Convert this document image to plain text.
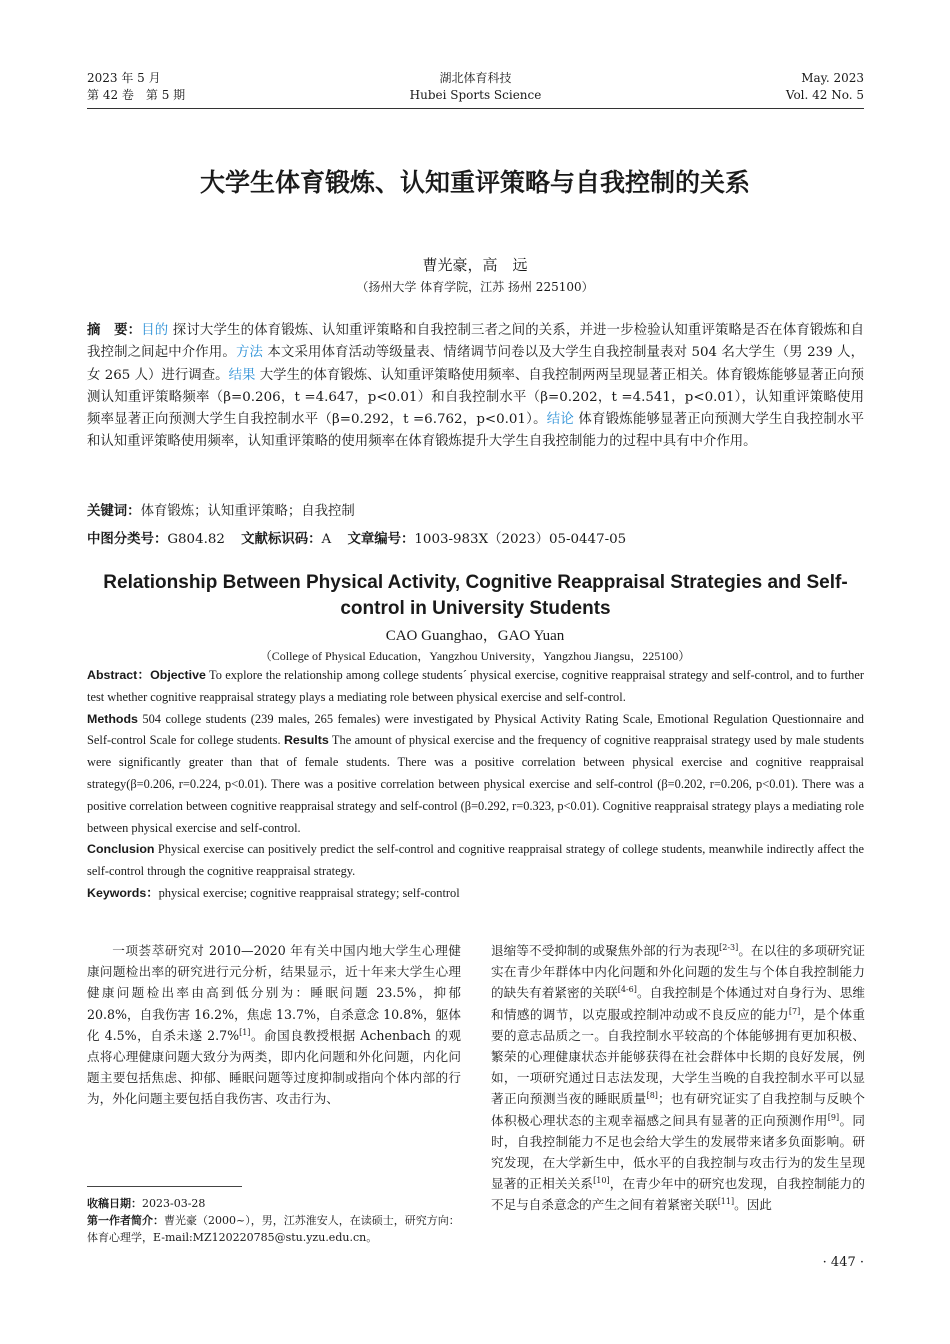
2023 年 5 月
第 42 卷　第 5 期
湖北体育科技
Hubei Sports Science
May. 2023
Vol. 42 No. 5
大学生体育锻炼、认知重评策略与自我控制的关系
曹光豪，高　远
（扬州大学 体育学院，江苏 扬州 225100）
摘　要：目的 探讨大学生的体育锻炼、认知重评策略和自我控制三者之间的关系，并进一步检验认知重评策略是否在体育锻炼和自我控制之间起中介作用。方法 本文采用体育活动等级量表、情绪调节问卷以及大学生自我控制量表对 504 名大学生（男 239 人，女 265 人）进行调查。结果 大学生的体育锻炼、认知重评策略使用频率、自我控制两两呈现显著正相关。体育锻炼能够显著正向预测认知重评策略频率（β=0.206，t =4.647，p<0.01）和自我控制水平（β=0.202，t =4.541，p<0.01），认知重评策略使用频率显著正向预测大学生自我控制水平（β=0.292，t =6.762，p<0.01）。结论 体育锻炼能够显著正向预测大学生自我控制水平和认知重评策略使用频率，认知重评策略的使用频率在体育锻炼提升大学生自我控制能力的过程中具有中介作用。
关键词：体育锻炼；认知重评策略；自我控制
中图分类号：G804.82 文献标识码：A 文章编号：1003-983X（2023）05-0447-05
Relationship Between Physical Activity, Cognitive Reappraisal Strategies and Self-control in University Students
CAO Guanghao，GAO Yuan
（College of Physical Education，Yangzhou University，Yangzhou Jiangsu，225100）
Abstract：Objective To explore the relationship among college students´ physical exercise, cognitive reappraisal strategy and self-control, and to further test whether cognitive reappraisal strategy plays a mediating role between physical exercise and self-control.
Methods 504 college students (239 males, 265 females) were investigated by Physical Activity Rating Scale, Emotional Regulation Questionnaire and Self-control Scale for college students. Results The amount of physical exercise and the frequency of cognitive reappraisal strategy used by male students were significantly greater than that of female students. There was a positive correlation between physical exercise and cognitive reappraisal strategy(β=0.206, r=0.224, p<0.01). There was a positive correlation between physical exercise and self-control (β=0.202, r=0.206, p<0.01). There was a positive correlation between cognitive reappraisal strategy and self-control (β=0.292, r=0.323, p<0.01). Cognitive reappraisal strategy plays a mediating role between physical exercise and self-control.
Conclusion Physical exercise can positively predict the self-control and cognitive reappraisal strategy of college students, meanwhile indirectly affect the self-control through the cognitive reappraisal strategy.
Keywords：physical exercise; cognitive reappraisal strategy; self-control

一项荟萃研究对 2010—2020 年有关中国内地大学生心理健康问题检出率的研究进行元分析，结果显示，近十年来大学生心理健康问题检出率由高到低分别为：睡眠问题 23.5%，抑郁 20.8%，自我伤害 16.2%，焦虑 13.7%，自杀意念 10.8%，躯体化 4.5%，自杀未遂 2.7%[1]。俞国良教授根据 Achenbach 的观点将心理健康问题大致分为两类，即内化问题和外化问题，内化问题主要包括焦虑、抑郁、睡眠问题等过度抑制或指向个体内部的行为，外化问题主要包括自我伤害、攻击行为、

退缩等不受抑制的或聚焦外部的行为表现[2-3]。在以往的多项研究证实在青少年群体中内化问题和外化问题的发生与个体自我控制能力的缺失有着紧密的关联[4-6]。自我控制是个体通过对自身行为、思维和情感的调节，以克服或控制冲动或不良反应的能力[7]，是个体重要的意志品质之一。自我控制水平较高的个体能够拥有更加积极、繁荣的心理健康状态并能够获得在社会群体中长期的良好发展，例如，一项研究通过日志法发现，大学生当晚的自我控制水平可以显著正向预测当夜的睡眠质量[8]；也有研究证实了自我控制与反映个体积极心理状态的主观幸福感之间具有显著的正向预测作用[9]。同时，自我控制能力不足也会给大学生的发展带来诸多负面影响。研究发现，在大学新生中，低水平的自我控制与攻击行为的发生呈现显著的正相关关系[10]，在青少年中的研究也发现，自我控制能力的不足与自杀意念的产生之间有着紧密关联[11]。因此

收稿日期：2023-03-28
第一作者简介：曹光豪（2000~），男，江苏淮安人，在读硕士，研究方向：体育心理学，E-mail:MZ120220785@stu.yzu.edu.cn。
· 447 ·
